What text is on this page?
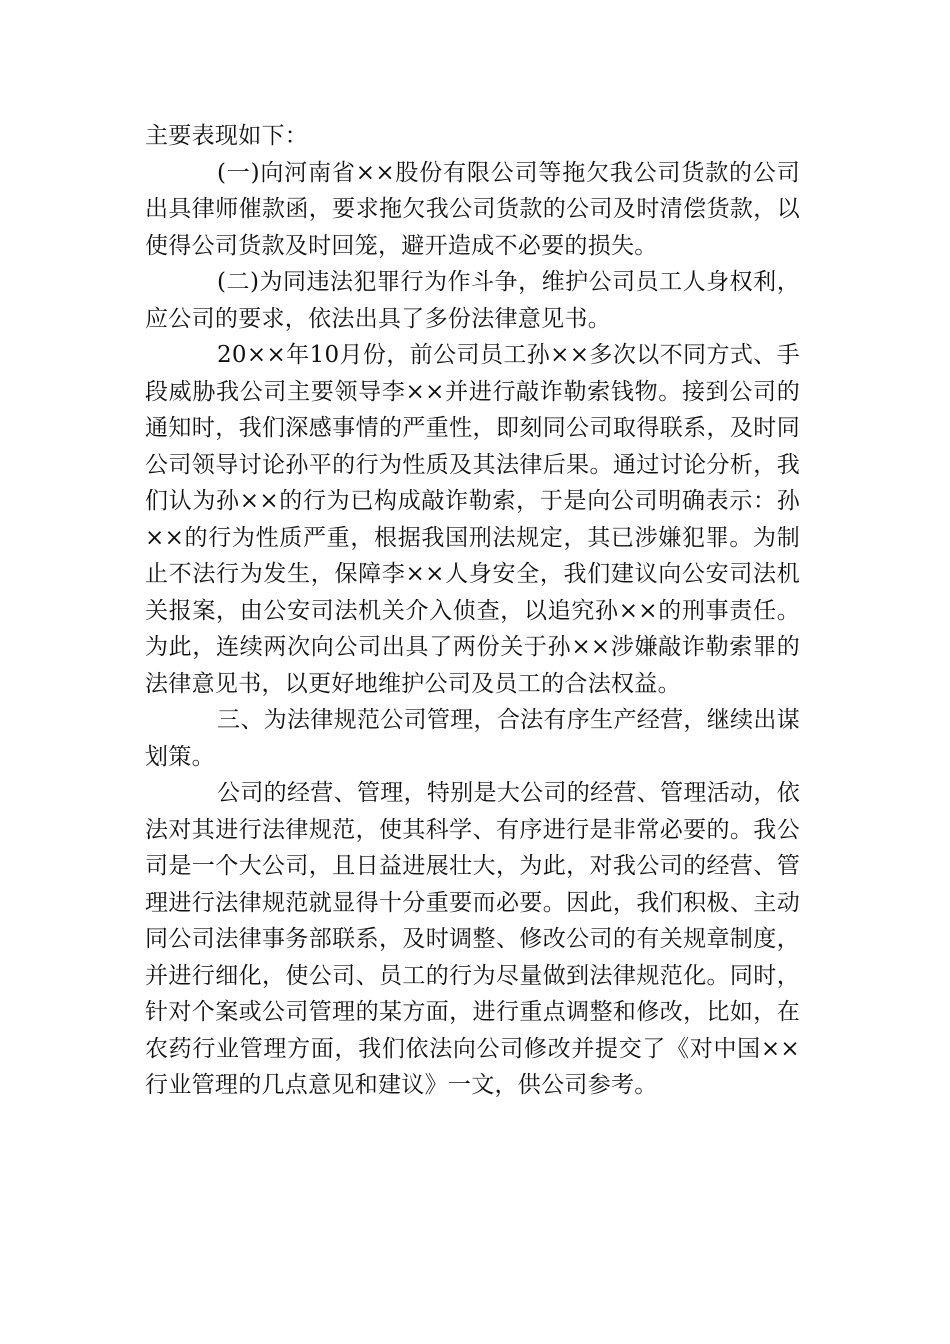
主要表现如下：

(一)向河南省××股份有限公司等拖欠我公司货款的公司出具律师催款函，要求拖欠我公司货款的公司及时清偿货款，以使得公司货款及时回笼，避开造成不必要的损失。

(二)为同违法犯罪行为作斗争，维护公司员工人身权利，应公司的要求，依法出具了多份法律意见书。

20××年10月份，前公司员工孙××多次以不同方式、手段威胁我公司主要领导李××并进行敲诈勒索钱物。接到公司的通知时，我们深感事情的严重性，即刻同公司取得联系，及时同公司领导讨论孙平的行为性质及其法律后果。通过讨论分析，我们认为孙××的行为已构成敲诈勒索，于是向公司明确表示：孙××的行为性质严重，根据我国刑法规定，其已涉嫌犯罪。为制止不法行为发生，保障李××人身安全，我们建议向公安司法机关报案，由公安司法机关介入侦查，以追究孙××的刑事责任。为此，连续两次向公司出具了两份关于孙××涉嫌敲诈勒索罪的法律意见书，以更好地维护公司及员工的合法权益。

三、为法律规范公司管理，合法有序生产经营，继续出谋划策。

公司的经营、管理，特别是大公司的经营、管理活动，依法对其进行法律规范，使其科学、有序进行是非常必要的。我公司是一个大公司，且日益进展壮大，为此，对我公司的经营、管理进行法律规范就显得十分重要而必要。因此，我们积极、主动同公司法律事务部联系，及时调整、修改公司的有关规章制度，并进行细化，使公司、员工的行为尽量做到法律规范化。同时，针对个案或公司管理的某方面，进行重点调整和修改，比如，在农药行业管理方面，我们依法向公司修改并提交了《对中国××行业管理的几点意见和建议》一文，供公司参考。
